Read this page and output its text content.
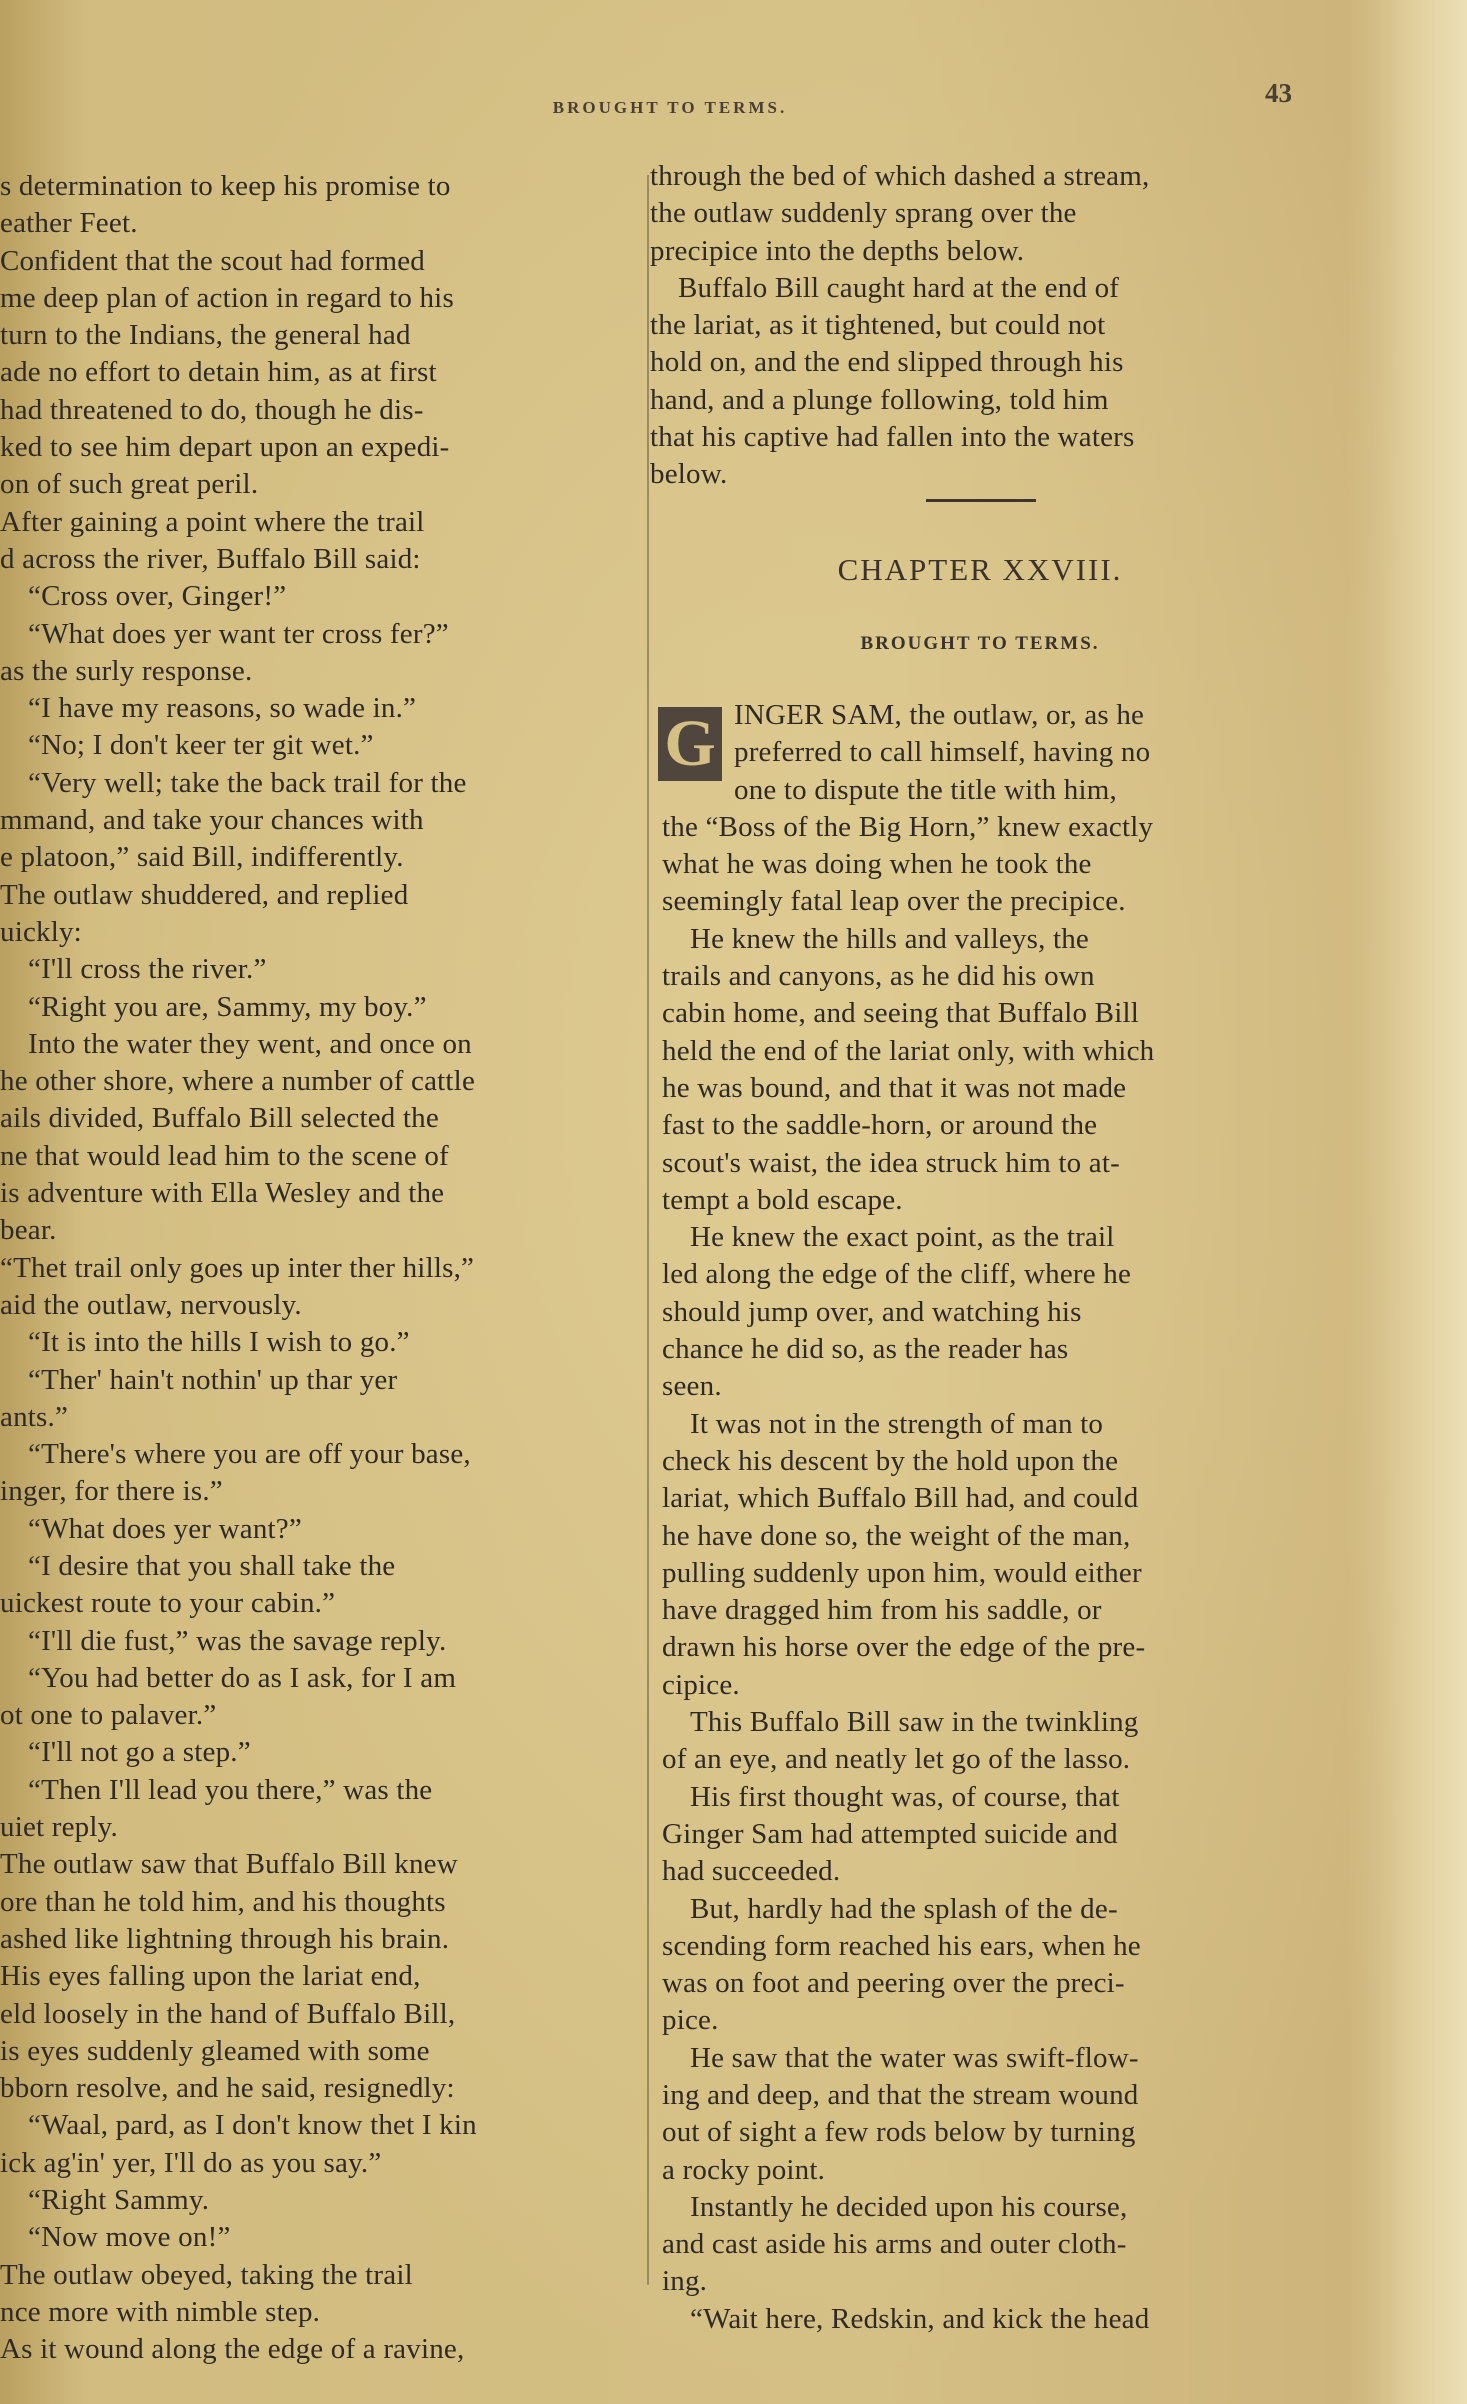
BROUGHT TO TERMS.	43
s determination to keep his promise to
eather Feet.
Confident that the scout had formed
me deep plan of action in regard to his
turn to the Indians, the general had
ade no effort to detain him, as at first
had threatened to do, though he dis-
ked to see him depart upon an expedi-
on of such great peril.
After gaining a point where the trail
d across the river, Buffalo Bill said:
“Cross over, Ginger!”
“What does yer want ter cross fer?”
as the surly response.
“I have my reasons, so wade in.”
“No; I don't keer ter git wet.”
“Very well; take the back trail for the
mmand, and take your chances with
e platoon,” said Bill, indifferently.
The outlaw shuddered, and replied
uickly:
“I'll cross the river.”
“Right you are, Sammy, my boy.”
Into the water they went, and once on
he other shore, where a number of cattle
ails divided, Buffalo Bill selected the
ne that would lead him to the scene of
is adventure with Ella Wesley and the
bear.
“Thet trail only goes up inter ther hills,”
aid the outlaw, nervously.
“It is into the hills I wish to go.”
“Ther' hain't nothin' up thar yer
ants.”
“There's where you are off your base,
inger, for there is.”
“What does yer want?”
“I desire that you shall take the
uickest route to your cabin.”
“I'll die fust,” was the savage reply.
“You had better do as I ask, for I am
ot one to palaver.”
“I'll not go a step.”
“Then I'll lead you there,” was the
uiet reply.
The outlaw saw that Buffalo Bill knew
ore than he told him, and his thoughts
ashed like lightning through his brain.
His eyes falling upon the lariat end,
eld loosely in the hand of Buffalo Bill,
is eyes suddenly gleamed with some
bborn resolve, and he said, resignedly:
“Waal, pard, as I don't know thet I kin
ick ag'in' yer, I'll do as you say.”
“Right Sammy.
“Now move on!”
The outlaw obeyed, taking the trail
nce more with nimble step.
As it wound along the edge of a ravine,
through the bed of which dashed a stream,
the outlaw suddenly sprang over the
precipice into the depths below.
Buffalo Bill caught hard at the end of
the lariat, as it tightened, but could not
hold on, and the end slipped through his
hand, and a plunge following, told him
that his captive had fallen into the waters
below.
CHAPTER XXVIII.
BROUGHT TO TERMS.
G INGER SAM, the outlaw, or, as he
preferred to call himself, having no
one to dispute the title with him,
the “Boss of the Big Horn,” knew exactly
what he was doing when he took the
seemingly fatal leap over the precipice.
He knew the hills and valleys, the
trails and canyons, as he did his own
cabin home, and seeing that Buffalo Bill
held the end of the lariat only, with which
he was bound, and that it was not made
fast to the saddle-horn, or around the
scout's waist, the idea struck him to at-
tempt a bold escape.
He knew the exact point, as the trail
led along the edge of the cliff, where he
should jump over, and watching his
chance he did so, as the reader has
seen.
It was not in the strength of man to
check his descent by the hold upon the
lariat, which Buffalo Bill had, and could
he have done so, the weight of the man,
pulling suddenly upon him, would either
have dragged him from his saddle, or
drawn his horse over the edge of the pre-
cipice.
This Buffalo Bill saw in the twinkling
of an eye, and neatly let go of the lasso.
His first thought was, of course, that
Ginger Sam had attempted suicide and
had succeeded.
But, hardly had the splash of the de-
scending form reached his ears, when he
was on foot and peering over the preci-
pice.
He saw that the water was swift-flow-
ing and deep, and that the stream wound
out of sight a few rods below by turning
a rocky point.
Instantly he decided upon his course,
and cast aside his arms and outer cloth-
ing.
“Wait here, Redskin, and kick the head
